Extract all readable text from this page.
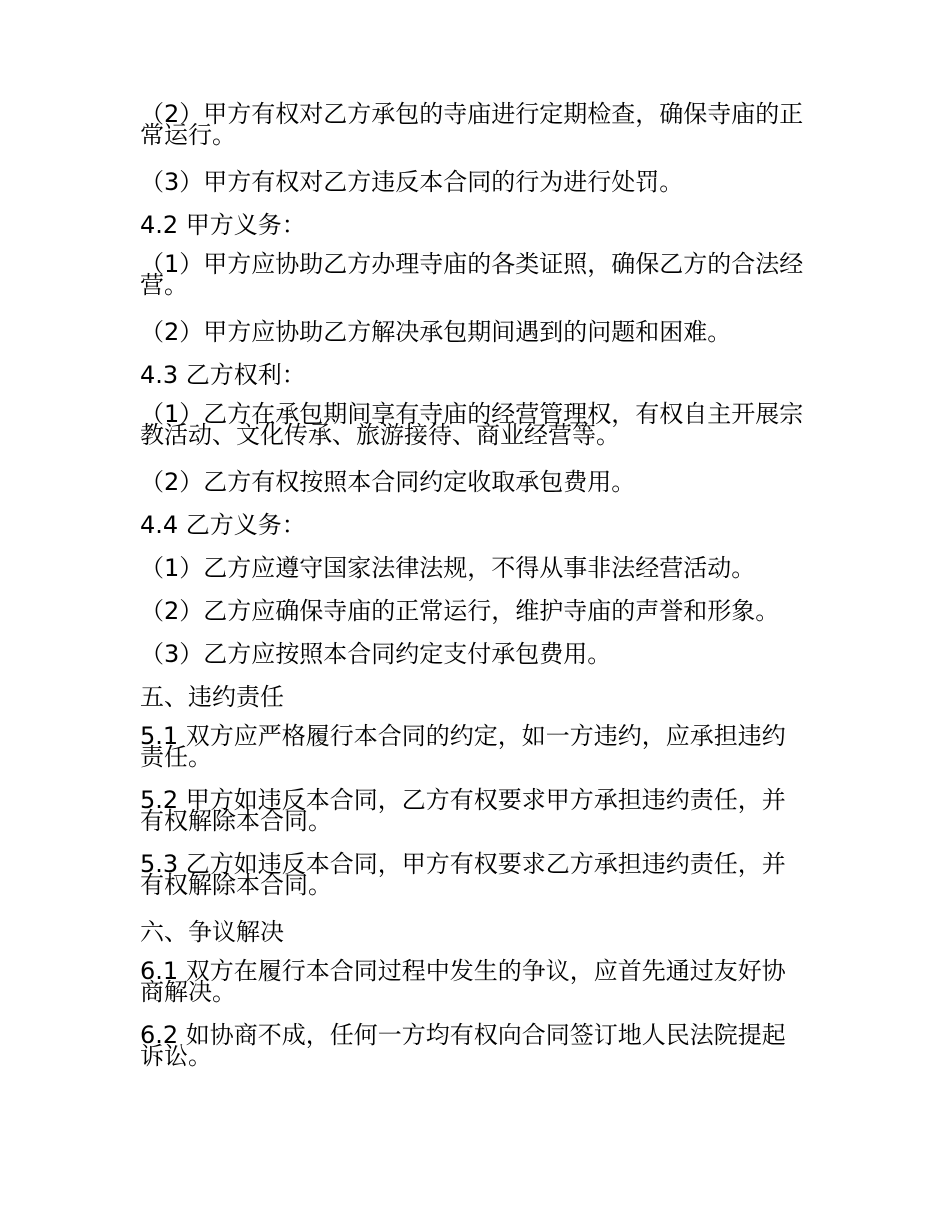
（2）甲方有权对乙方承包的寺庙进行定期检查，确保寺庙的正常运行。

（3）甲方有权对乙方违反本合同的行为进行处罚。

4.2 甲方义务：

（1）甲方应协助乙方办理寺庙的各类证照，确保乙方的合法经营。

（2）甲方应协助乙方解决承包期间遇到的问题和困难。

4.3 乙方权利：

（1）乙方在承包期间享有寺庙的经营管理权，有权自主开展宗教活动、文化传承、旅游接待、商业经营等。

（2）乙方有权按照本合同约定收取承包费用。

4.4 乙方义务：

（1）乙方应遵守国家法律法规，不得从事非法经营活动。

（2）乙方应确保寺庙的正常运行，维护寺庙的声誉和形象。

（3）乙方应按照本合同约定支付承包费用。

五、违约责任

5.1 双方应严格履行本合同的约定，如一方违约，应承担违约责任。

5.2 甲方如违反本合同，乙方有权要求甲方承担违约责任，并有权解除本合同。

5.3 乙方如违反本合同，甲方有权要求乙方承担违约责任，并有权解除本合同。

六、争议解决

6.1 双方在履行本合同过程中发生的争议，应首先通过友好协商解决。

6.2 如协商不成，任何一方均有权向合同签订地人民法院提起诉讼。
